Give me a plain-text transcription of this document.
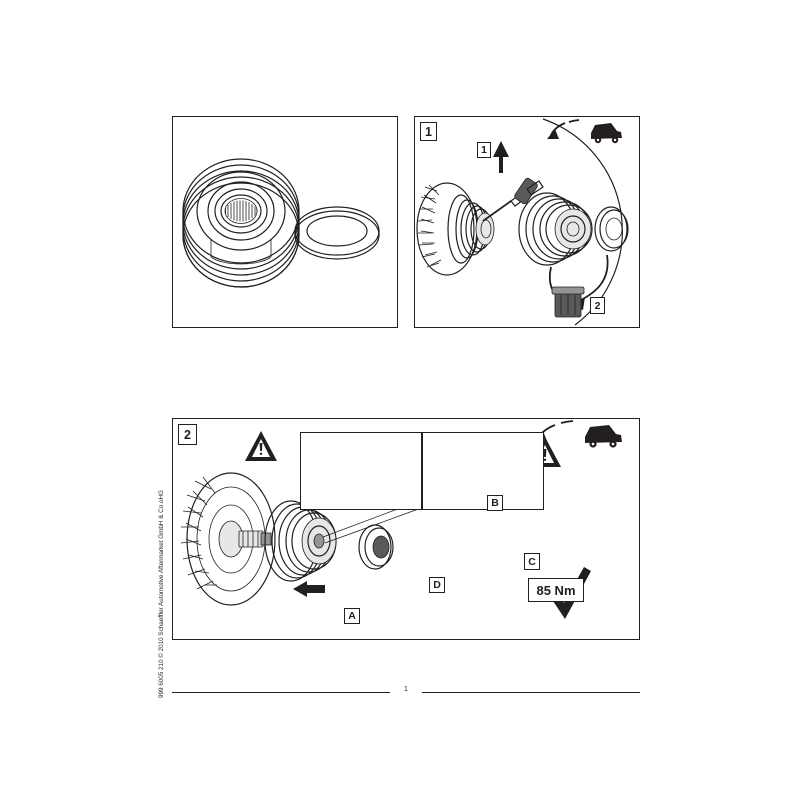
1
2
1
2
A
B
C
D	85 Nm
999 6005 210 © 2010 Schaeffler Automotive Aftermarket GmbH & Co.oHG	1
